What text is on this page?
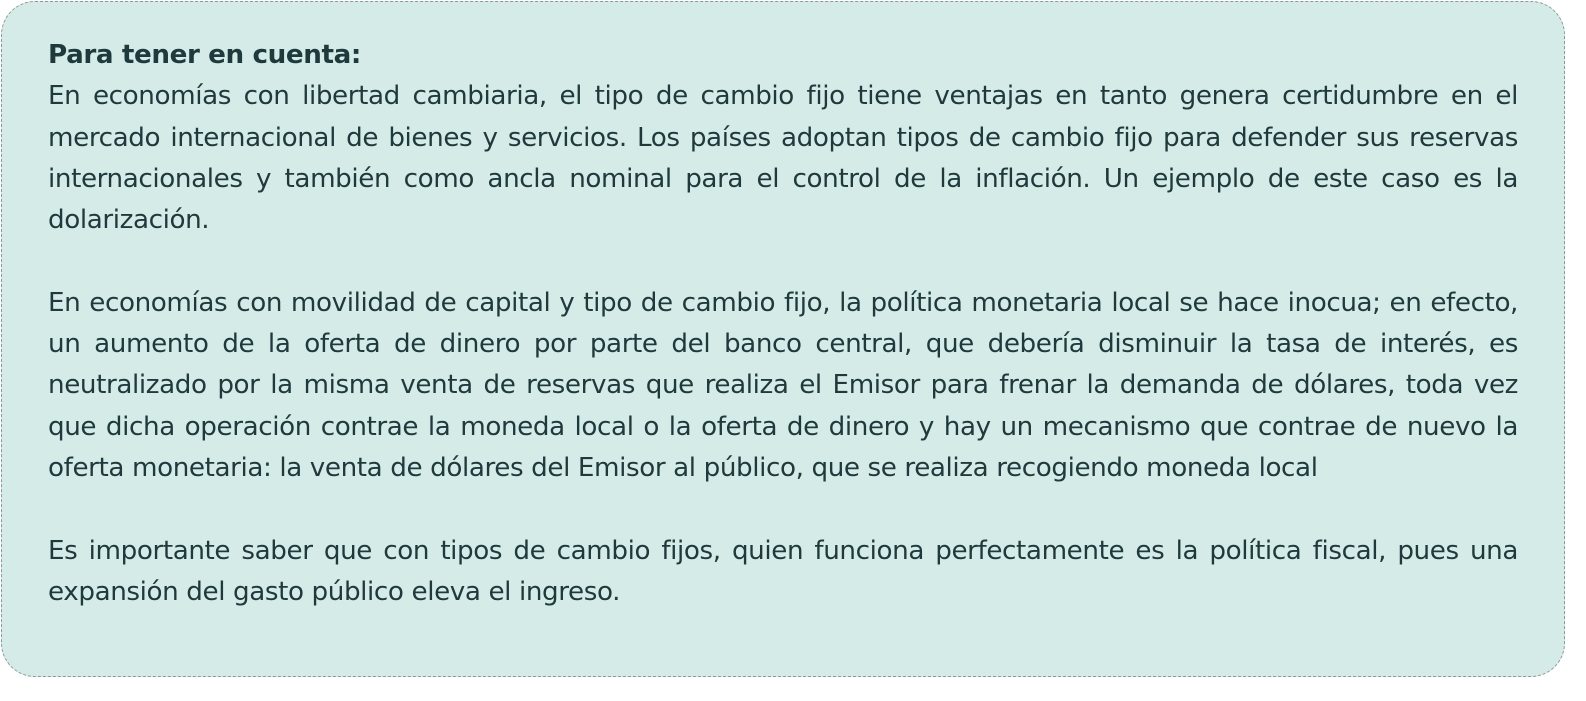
Para tener en cuenta:

En economías con libertad cambiaria, el tipo de cambio fijo tiene ventajas en tanto genera certidumbre en el mercado internacional de bienes y servicios. Los países adoptan tipos de cambio fijo para defender sus reservas internacionales y también como ancla nominal para el control de la inflación. Un ejemplo de este caso es la dolarización.

En economías con movilidad de capital y tipo de cambio fijo, la política monetaria local se hace inocua; en efecto, un aumento de la oferta de dinero por parte del banco central, que debería disminuir la tasa de interés, es neutralizado por la misma venta de reservas que realiza el Emisor para frenar la demanda de dólares, toda vez que dicha operación contrae la moneda local o la oferta de dinero y hay un mecanismo que contrae de nuevo la oferta monetaria: la venta de dólares del Emisor al público, que se realiza recogiendo moneda local

Es importante saber que con tipos de cambio fijos, quien funciona perfectamente es la política fiscal, pues una expansión del gasto público eleva el ingreso.
